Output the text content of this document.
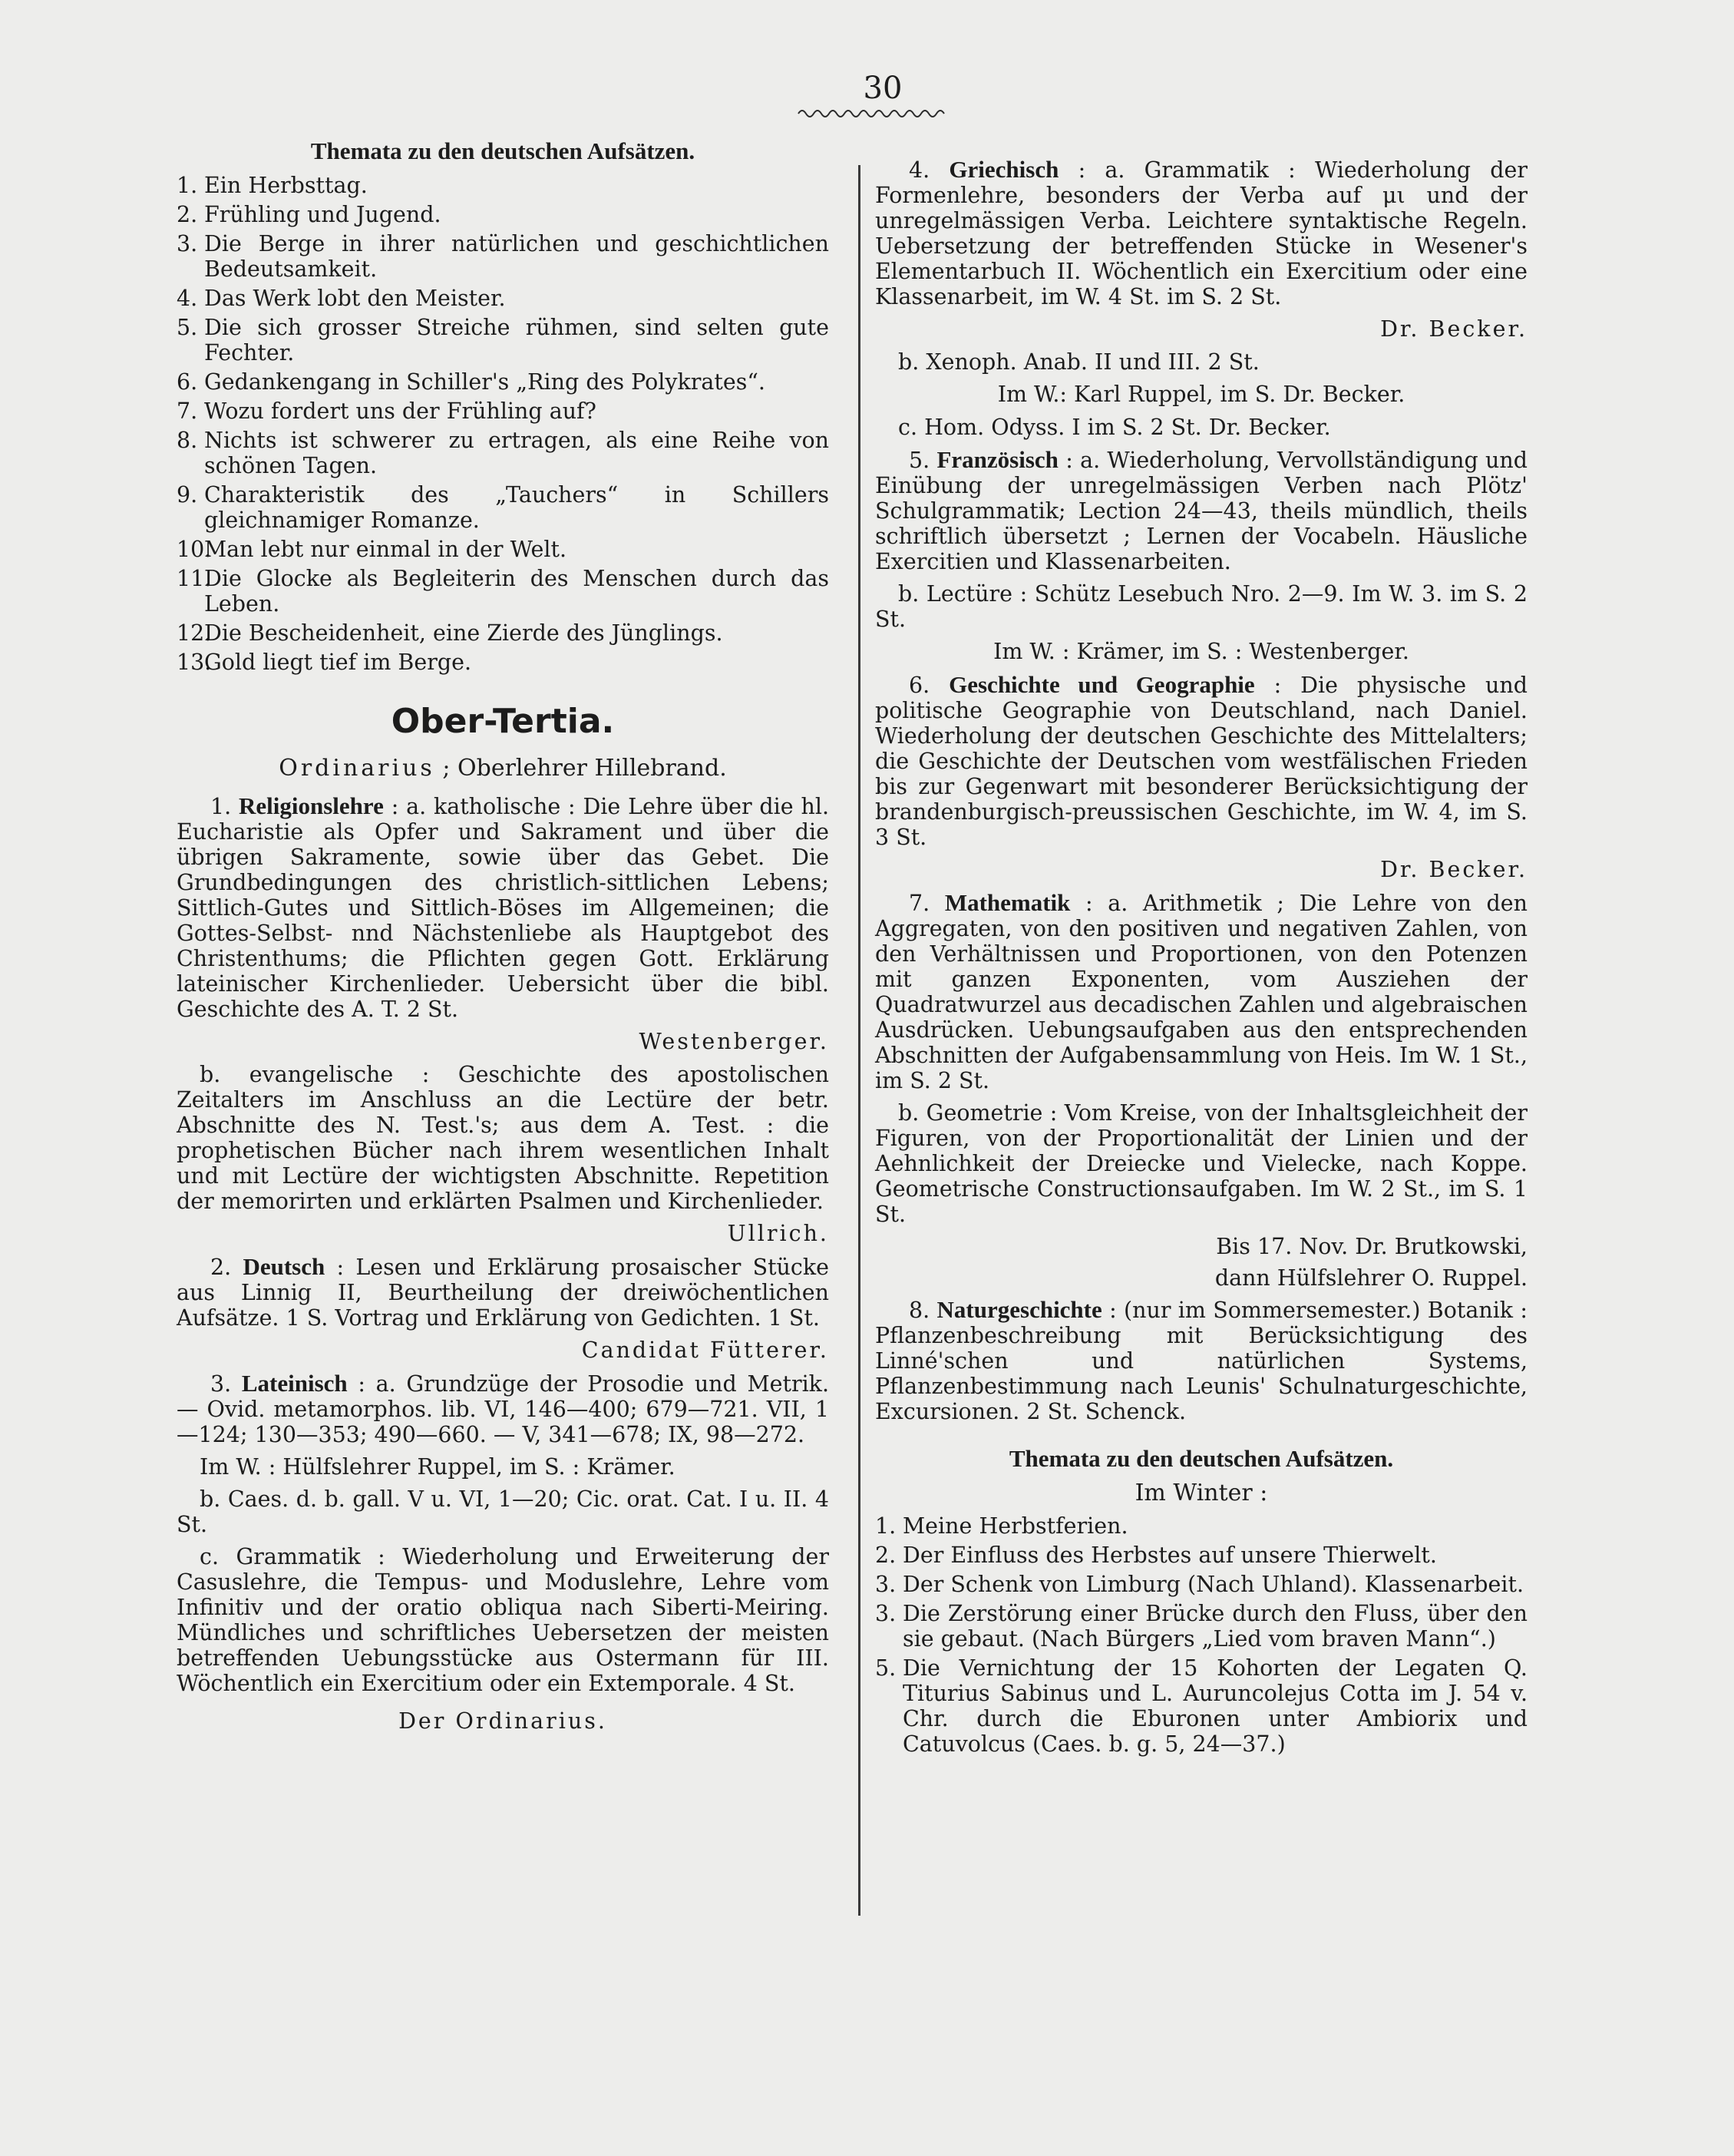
30
Themata zu den deutschen Aufsätzen.
1. Ein Herbsttag.
2. Frühling und Jugend.
3. Die Berge in ihrer natürlichen und geschichtlichen Bedeutsamkeit.
4. Das Werk lobt den Meister.
5. Die sich grosser Streiche rühmen, sind selten gute Fechter.
6. Gedankengang in Schiller's „Ring des Polykrates“.
7. Wozu fordert uns der Frühling auf?
8. Nichts ist schwerer zu ertragen, als eine Reihe von schönen Tagen.
9. Charakteristik des „Tauchers“ in Schillers gleichnamiger Romanze.
10.
Man lebt nur einmal in der Welt.
11.
Die Glocke als Begleiterin des Menschen durch das Leben.
12.
Die Bescheidenheit, eine Zierde des Jünglings.
13.
Gold liegt tief im Berge.
Ober-Tertia.
Ordinarius ; Oberlehrer Hillebrand.

1. Religionslehre : a. katholische : Die Lehre über die hl. Eucharistie als Opfer und Sakrament und über die übrigen Sakramente, sowie über das Gebet. Die Grundbedingungen des christlich-sittlichen Lebens; Sittlich-Gutes und Sittlich-Böses im Allgemeinen; die Gottes-Selbst- nnd Nächstenliebe als Hauptgebot des Christenthums; die Pflichten gegen Gott. Erklärung lateinischer Kirchenlieder. Uebersicht über die bibl. Geschichte des A. T. 2 St.

Westenberger.

b. evangelische : Geschichte des apostolischen Zeitalters im Anschluss an die Lectüre der betr. Abschnitte des N. Test.'s; aus dem A. Test. : die prophetischen Bücher nach ihrem wesentlichen Inhalt und mit Lectüre der wichtigsten Abschnitte. Repetition der memorirten und erklärten Psalmen und Kirchenlieder.

Ullrich.

2. Deutsch : Lesen und Erklärung prosaischer Stücke aus Linnig II, Beurtheilung der dreiwöchentlichen Aufsätze. 1 S. Vortrag und Erklärung von Gedichten. 1 St.

Candidat Fütterer.

3. Lateinisch : a. Grundzüge der Prosodie und Metrik. — Ovid. metamorphos. lib. VI, 146—400; 679—721. VII, 1—124; 130—353; 490—660. — V, 341—678; IX, 98—272.

Im W. : Hülfslehrer Ruppel, im S. : Krämer.

b. Caes. d. b. gall. V u. VI, 1—20; Cic. orat. Cat. I u. II. 4 St.

c. Grammatik : Wiederholung und Erweiterung der Casuslehre, die Tempus- und Moduslehre, Lehre vom Infinitiv und der oratio obliqua nach Siberti-Meiring. Mündliches und schriftliches Uebersetzen der meisten betreffenden Uebungsstücke aus Ostermann für III. Wöchentlich ein Exercitium oder ein Extemporale. 4 St.

Der Ordinarius.

4. Griechisch : a. Grammatik : Wiederholung der Formenlehre, besonders der Verba auf μι und der unregelmässigen Verba. Leichtere syntaktische Regeln. Uebersetzung der betreffenden Stücke in Wesener's Elementarbuch II. Wöchentlich ein Exercitium oder eine Klassenarbeit, im W. 4 St. im S. 2 St.

Dr. Becker.

b. Xenoph. Anab. II und III. 2 St.

Im W.: Karl Ruppel, im S. Dr. Becker.

c. Hom. Odyss. I im S. 2 St. Dr. Becker.

5. Französisch : a. Wiederholung, Vervollständigung und Einübung der unregelmässigen Verben nach Plötz' Schulgrammatik; Lection 24—43, theils mündlich, theils schriftlich übersetzt ; Lernen der Vocabeln. Häusliche Exercitien und Klassenarbeiten.

b. Lectüre : Schütz Lesebuch Nro. 2—9. Im W. 3. im S. 2 St.

Im W. : Krämer, im S. : Westenberger.

6. Geschichte und Geographie : Die physische und politische Geographie von Deutschland, nach Daniel. Wiederholung der deutschen Geschichte des Mittelalters; die Geschichte der Deutschen vom westfälischen Frieden bis zur Gegenwart mit besonderer Berücksichtigung der brandenburgisch-preussischen Geschichte, im W. 4, im S. 3 St.

Dr. Becker.

7. Mathematik : a. Arithmetik ; Die Lehre von den Aggregaten, von den positiven und negativen Zahlen, von den Verhältnissen und Proportionen, von den Potenzen mit ganzen Exponenten, vom Ausziehen der Quadratwurzel aus decadischen Zahlen und algebraischen Ausdrücken. Uebungsaufgaben aus den entsprechenden Abschnitten der Aufgabensammlung von Heis. Im W. 1 St., im S. 2 St.

b. Geometrie : Vom Kreise, von der Inhaltsgleichheit der Figuren, von der Proportionalität der Linien und der Aehnlichkeit der Dreiecke und Vielecke, nach Koppe. Geometrische Constructionsaufgaben. Im W. 2 St., im S. 1 St.

Bis 17. Nov. Dr. Brutkowski,

dann Hülfslehrer O. Ruppel.

8. Naturgeschichte : (nur im Sommersemester.) Botanik : Pflanzenbeschreibung mit Berücksichtigung des Linné'schen und natürlichen Systems, Pflanzenbestimmung nach Leunis' Schulnaturgeschichte, Excursionen. 2 St. Schenck.

Themata zu den deutschen Aufsätzen.
Im Winter :
1. Meine Herbstferien.
2. Der Einfluss des Herbstes auf unsere Thierwelt.
3. Der Schenk von Limburg (Nach Uhland). Klassenarbeit.
3. Die Zerstörung einer Brücke durch den Fluss, über den sie gebaut. (Nach Bürgers „Lied vom braven Mann“.)
5. Die Vernichtung der 15 Kohorten der Legaten Q. Titurius Sabinus und L. Auruncolejus Cotta im J. 54 v. Chr. durch die Eburonen unter Ambiorix und Catuvolcus (Caes. b. g. 5, 24—37.)
